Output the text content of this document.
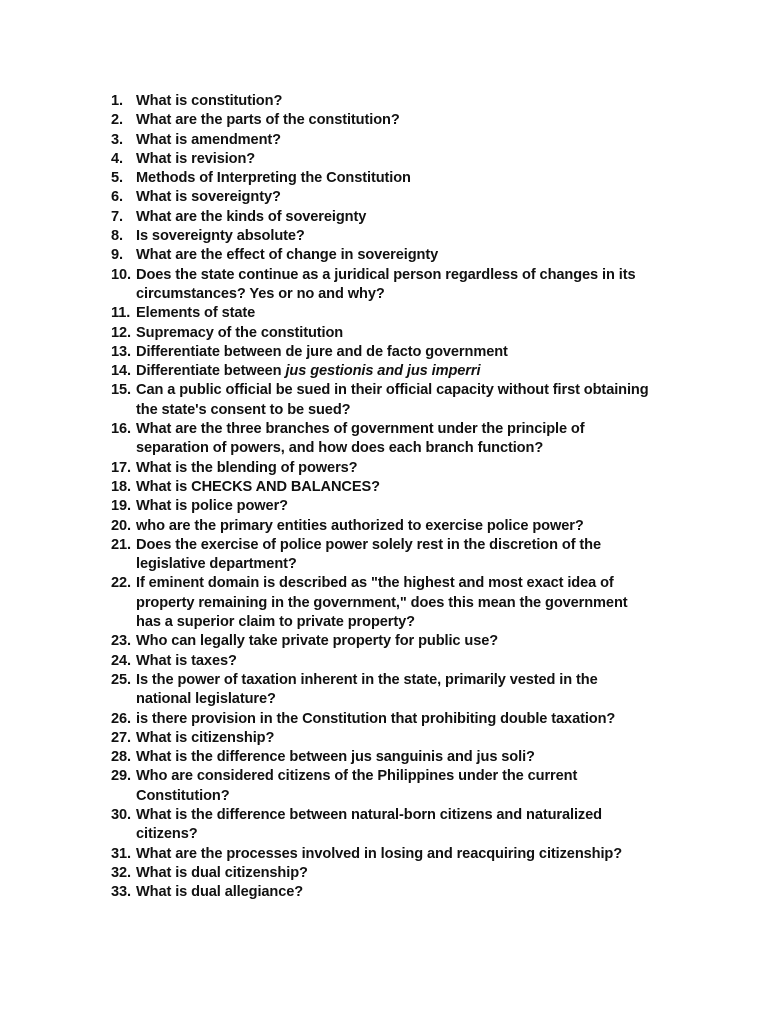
1. What is constitution?
2. What are the parts of the constitution?
3. What is amendment?
4. What is revision?
5. Methods of Interpreting the Constitution
6. What is sovereignty?
7. What are the kinds of sovereignty
8. Is sovereignty absolute?
9. What are the effect of change in sovereignty
10. Does the state continue as a juridical person regardless of changes in its
circumstances? Yes or no and why?
11. Elements of state
12. Supremacy of the constitution
13. Differentiate between de jure and de facto government
14. Differentiate between jus gestionis and jus imperri
15. Can a public official be sued in their official capacity without first obtaining
the state's consent to be sued?
16. What are the three branches of government under the principle of
separation of powers, and how does each branch function?
17. What is the blending of powers?
18. What is CHECKS AND BALANCES?
19. What is police power?
20. who are the primary entities authorized to exercise police power?
21. Does the exercise of police power solely rest in the discretion of the
legislative department?
22. If eminent domain is described as "the highest and most exact idea of
property remaining in the government," does this mean the government
has a superior claim to private property?
23. Who can legally take private property for public use?
24. What is taxes?
25. Is the power of taxation inherent in the state, primarily vested in the
national legislature?
26. is there provision in the Constitution that prohibiting double taxation?
27. What is citizenship?
28. What is the difference between jus sanguinis and jus soli?
29. Who are considered citizens of the Philippines under the current
Constitution?
30. What is the difference between natural-born citizens and naturalized
citizens?
31. What are the processes involved in losing and reacquiring citizenship?
32. What is dual citizenship?
33. What is dual allegiance?
